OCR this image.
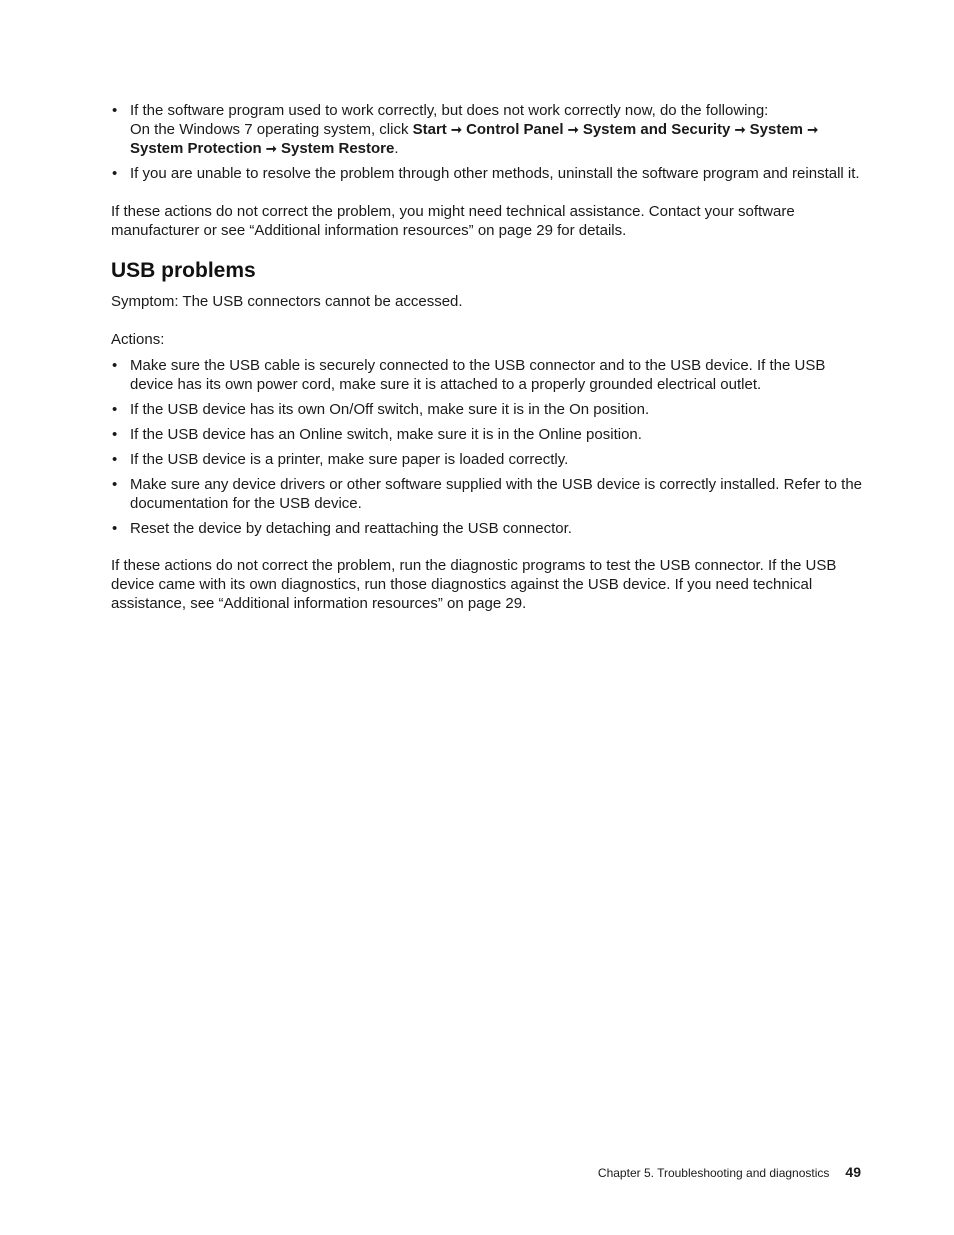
• If the software program used to work correctly, but does not work correctly now, do the following:
On the Windows 7 operating system, click Start ➞ Control Panel ➞ System and Security ➞ System ➞ System Protection ➞ System Restore.
• If you are unable to resolve the problem through other methods, uninstall the software program and reinstall it.

If these actions do not correct the problem, you might need technical assistance. Contact your software manufacturer or see “Additional information resources” on page 29 for details.

USB problems

Symptom: The USB connectors cannot be accessed.

Actions:

• Make sure the USB cable is securely connected to the USB connector and to the USB device. If the USB device has its own power cord, make sure it is attached to a properly grounded electrical outlet.
• If the USB device has its own On/Off switch, make sure it is in the On position.
• If the USB device has an Online switch, make sure it is in the Online position.
• If the USB device is a printer, make sure paper is loaded correctly.
• Make sure any device drivers or other software supplied with the USB device is correctly installed. Refer to the documentation for the USB device.
• Reset the device by detaching and reattaching the USB connector.

If these actions do not correct the problem, run the diagnostic programs to test the USB connector. If the USB device came with its own diagnostics, run those diagnostics against the USB device. If you need technical assistance, see “Additional information resources” on page 29.

Chapter 5. Troubleshooting and diagnostics 49
